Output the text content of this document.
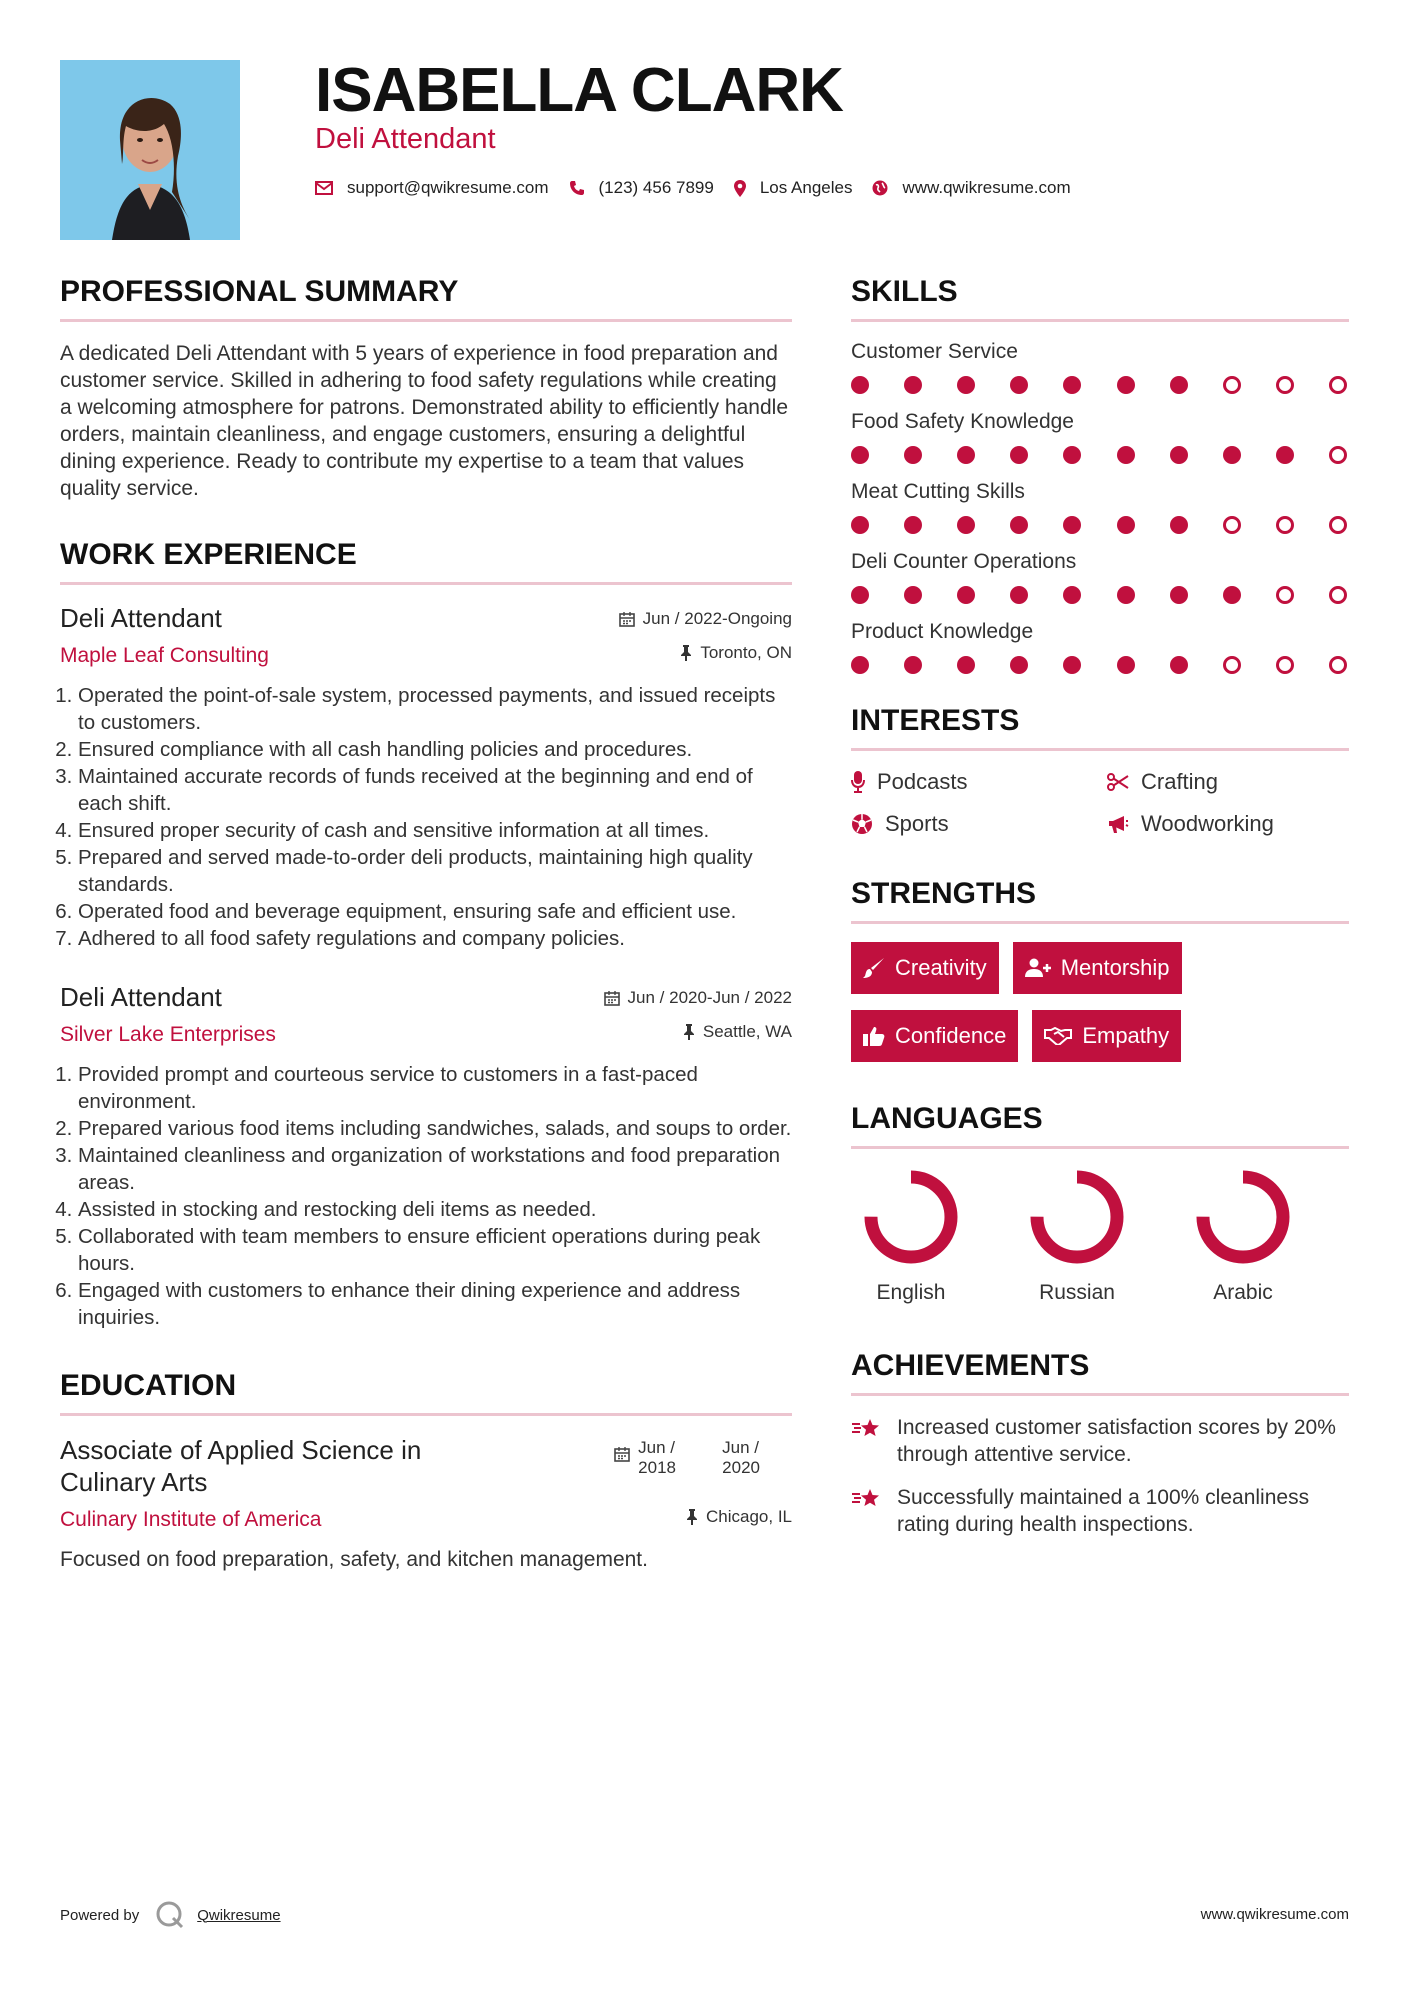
ISABELLA CLARK
Deli Attendant
support@qwikresume.com	(123) 456 7899	Los Angeles	www.qwikresume.com
PROFESSIONAL SUMMARY
A dedicated Deli Attendant with 5 years of experience in food preparation and customer service. Skilled in adhering to food safety regulations while creating a welcoming atmosphere for patrons. Demonstrated ability to efficiently handle orders, maintain cleanliness, and engage customers, ensuring a delightful dining experience. Ready to contribute my expertise to a team that values quality service.
WORK EXPERIENCE
Deli Attendant	Jun / 2022-Ongoing
Maple Leaf Consulting	Toronto, ON
1. Operated the point-of-sale system, processed payments, and issued receipts to customers.
2. Ensured compliance with all cash handling policies and procedures.
3. Maintained accurate records of funds received at the beginning and end of each shift.
4. Ensured proper security of cash and sensitive information at all times.
5. Prepared and served made-to-order deli products, maintaining high quality standards.
6. Operated food and beverage equipment, ensuring safe and efficient use.
7. Adhered to all food safety regulations and company policies.
Deli Attendant	Jun / 2020-Jun / 2022
Silver Lake Enterprises	Seattle, WA
1. Provided prompt and courteous service to customers in a fast-paced environment.
2. Prepared various food items including sandwiches, salads, and soups to order.
3. Maintained cleanliness and organization of workstations and food preparation areas.
4. Assisted in stocking and restocking deli items as needed.
5. Collaborated with team members to ensure efficient operations during peak hours.
6. Engaged with customers to enhance their dining experience and address inquiries.
EDUCATION
Associate of Applied Science in Culinary Arts
Jun /
2018
Jun /
2020
Culinary Institute of America	Chicago, IL
Focused on food preparation, safety, and kitchen management.
SKILLS
Customer Service
Food Safety Knowledge
Meat Cutting Skills
Deli Counter Operations
Product Knowledge
INTERESTS
Podcasts	Crafting
Sports	Woodworking
STRENGTHS
Creativity	Mentorship
Confidence	Empathy
LANGUAGES
English	Russian	Arabic
ACHIEVEMENTS
Increased customer satisfaction scores by 20% through attentive service.
Successfully maintained a 100% cleanliness rating during health inspections.
Powered by	Qwikresume	www.qwikresume.com
